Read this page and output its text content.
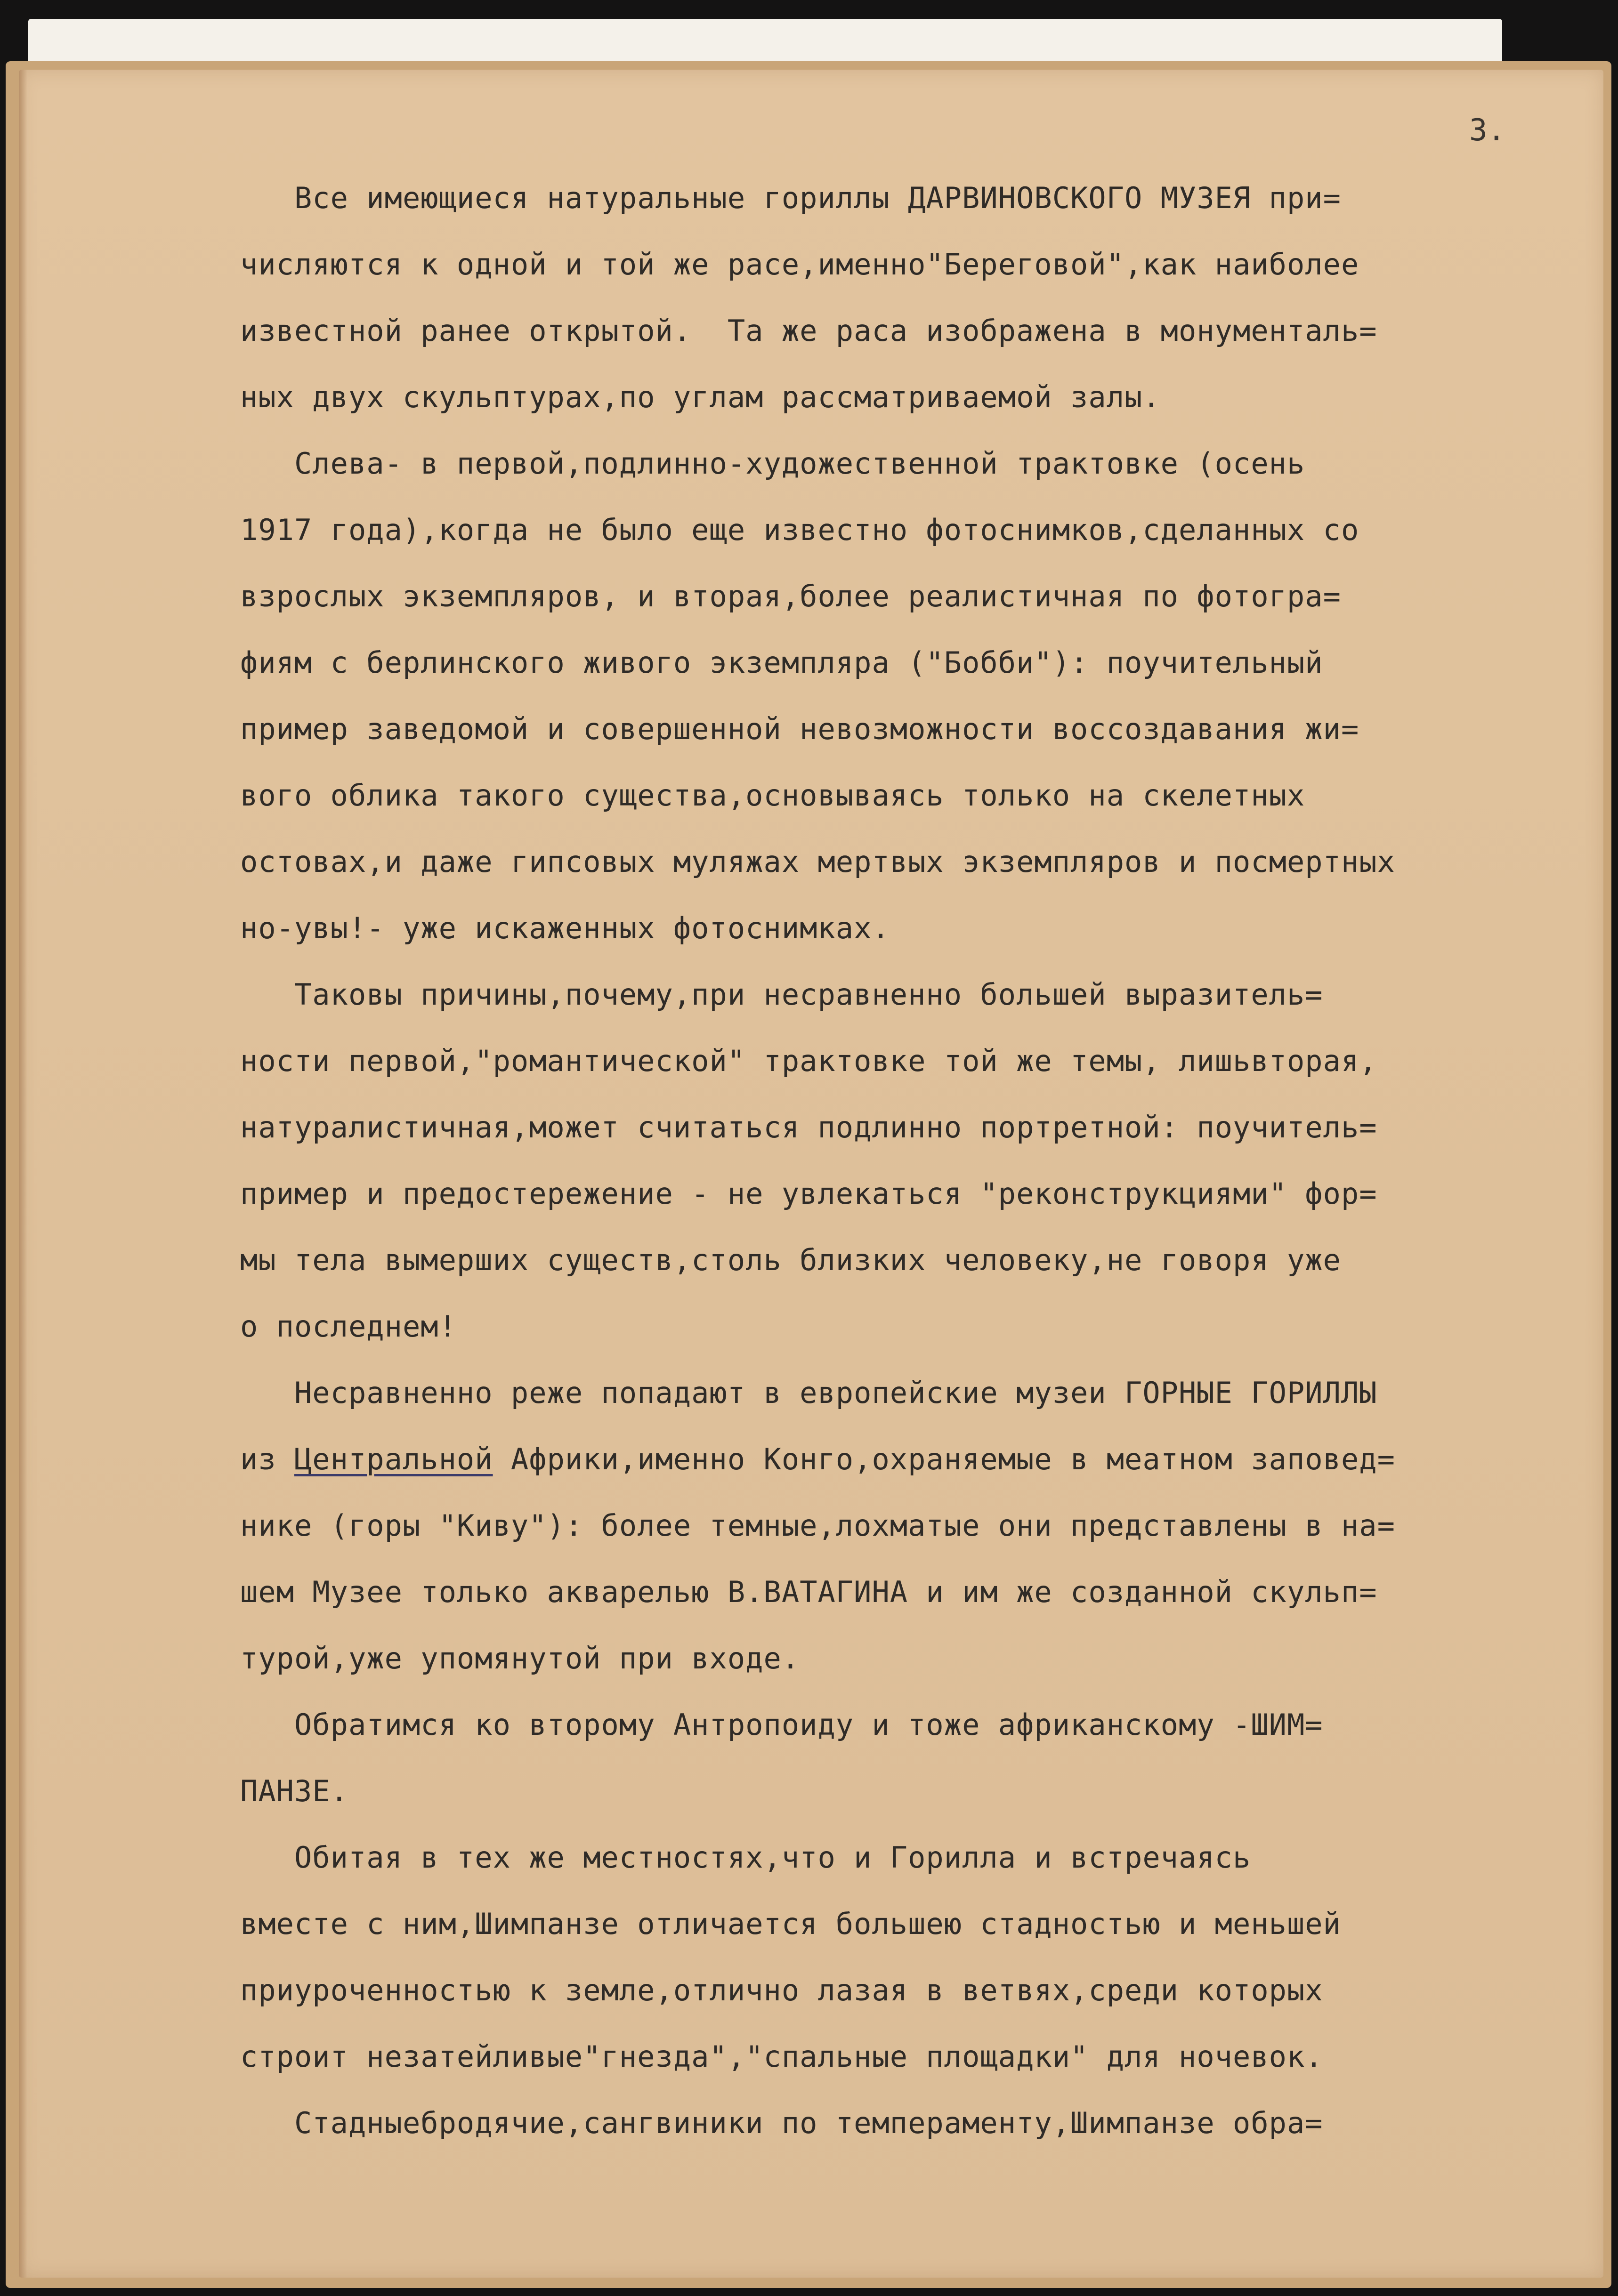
3.

Все имеющиеся натуральные гориллы ДАРВИНОВСКОГО МУЗЕЯ при=
числяются к одной и той же расе,именно"Береговой",как наиболее
известной ранее открытой.  Та же раса изображена в монументаль=
ных двух скульптурах,по углам рассматриваемой залы.
Слева- в первой,подлинно-художественной трактовке (осень
1917 года),когда не было еще известно фотоснимков,сделанных со
взрослых экземпляров, и вторая,более реалистичная по фотогра=
фиям с берлинского живого экземпляра ("Бобби"): поучительный
пример заведомой и совершенной невозможности воссоздавания жи=
вого облика такого существа,основываясь только на скелетных
остовах,и даже гипсовых муляжах мертвых экземпляров и посмертных
но-увы!- уже искаженных фотоснимках.
Таковы причины,почему,при несравненно большей выразитель=
ности первой,"романтической" трактовке той же темы, лишьвторая,
натуралистичная,может считаться подлинно портретной: поучитель=
пример и предостережение - не увлекаться "реконструкциями" фор=
мы тела вымерших существ,столь близких человеку,не говоря уже
о последнем!
Несравненно реже попадают в европейские музеи ГОРНЫЕ ГОРИЛЛЫ
из Центральной Африки,именно Конго,охраняемые в меатном заповед=
нике (горы "Киву"): более темные,лохматые они представлены в на=
шем Музее только акварелью В.ВАТАГИНА и им же созданной скульп=
турой,уже упомянутой при входе.
Обратимся ко второму Антропоиду и тоже африканскому -ШИМ=
ПАНЗЕ.
Обитая в тех же местностях,что и Горилла и встречаясь
вместе с ним,Шимпанзе отличается большею стадностью и меньшей
приуроченностью к земле,отлично лазая в ветвях,среди которых
строит незатейливые"гнезда","спальные площадки" для ночевок.
Стадныебродячие,сангвиники по темпераменту,Шимпанзе обра=
